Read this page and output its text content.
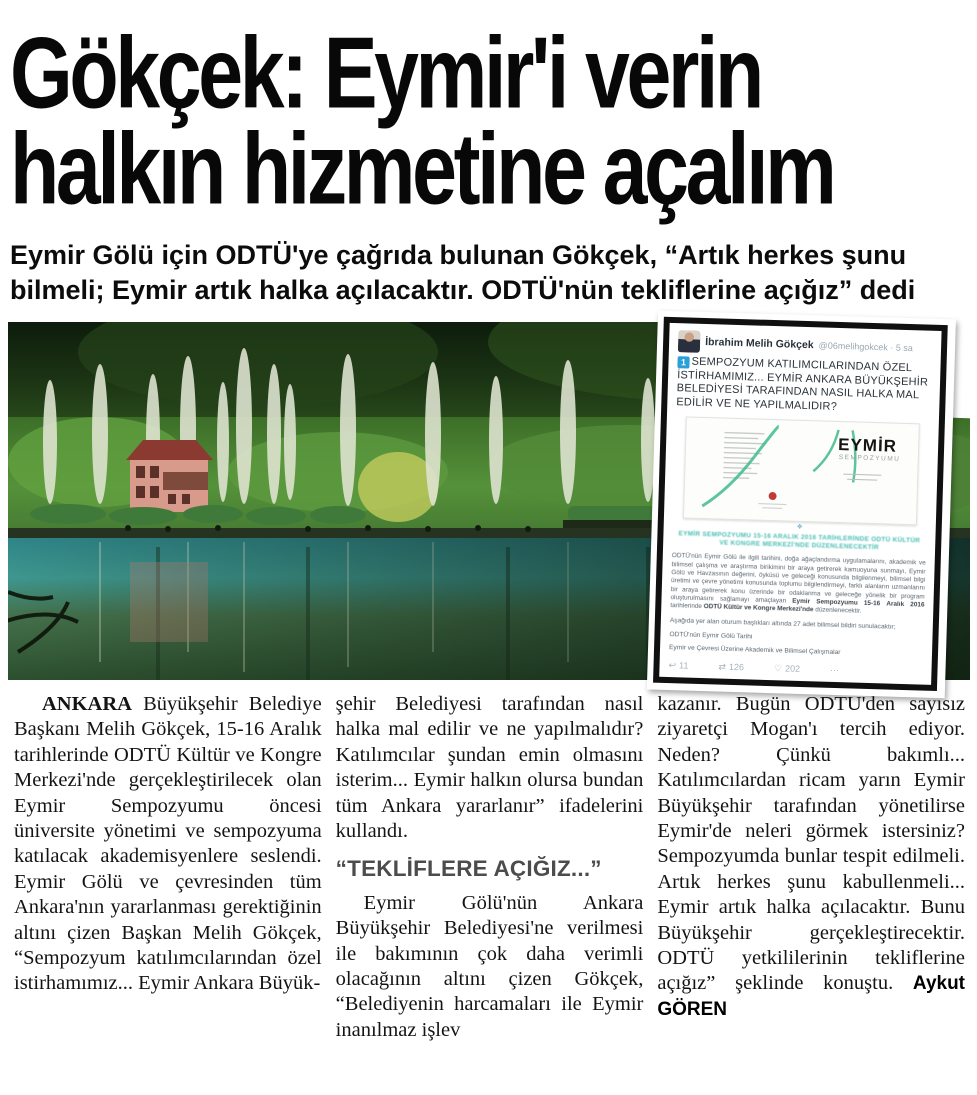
Gökçek: Eymir'i verin
halkın hizmetine açalım
Eymir Gölü için ODTÜ'ye çağrıda bulunan Gökçek, “Artık herkes şunu
bilmeli; Eymir artık halka açılacaktır. ODTÜ'nün tekliflerine açığız” dedi
İbrahim Melih Gökçek @06melihgokcek · 5 sa
1 SEMPOZYUM KATILIMCILARINDAN ÖZEL İSTİRHAMIMIZ... EYMİR ANKARA BÜYÜKŞEHİR BELEDİYESİ TARAFINDAN NASIL HALKA MAL EDİLİR VE NE YAPILMALIDIR?
EYMİR
SEMPOZYUMU
❖
EYMİR SEMPOZYUMU 15-16 ARALIK 2016 TARİHLERİNDE ODTÜ KÜLTÜR VE KONGRE MERKEZİ'NDE DÜZENLENECEKTİR
ODTÜ'nün Eymir Gölü ile ilgili tarihini, doğa ağaçlandırma uygulamalarını, akademik ve bilimsel çalışma ve araştırma birikimini bir araya getirerek kamuoyuna sunmayı, Eymir Gölü ve Havzasının değerini, öyküsü ve geleceği konusunda bilgilenmeyi, bilimsel bilgi üretimi ve çevre yönetimi konusunda toplumu bilgilendirmeyi, farklı alanların uzmanlarını bir araya getirerek konu üzerinde bir odaklanma ve geleceğe yönelik bir program oluşturulmasını sağlamayı amaçlayan Eymir Sempozyumu 15-16 Aralık 2016 tarihlerinde ODTÜ Kültür ve Kongre Merkezi'nde düzenlenecektir.
Aşağıda yer alan oturum başlıkları altında 27 adet bilimsel bildiri sunulacaktır;
ODTÜ'nün Eymir Gölü Tarihi
Eymir ve Çevresi Üzerine Akademik ve Bilimsel Çalışmalar
↩ 11	⇄ 126	♡ 202	···

ANKARA Büyükşehir Belediye Başkanı Melih Gökçek, 15-16 Aralık tarihlerinde ODTÜ Kültür ve Kongre Merkezi'nde gerçekleştirilecek olan Eymir Sempozyumu öncesi üniversite yönetimi ve sempozyuma katılacak akademisyenlere seslendi. Eymir Gölü ve çevresinden tüm Ankara'nın yararlanması gerektiğinin altını çizen Başkan Melih Gökçek, “Sempozyum katılımcılarından özel istirhamımız... Eymir Ankara Büyük-

şehir Belediyesi tarafından nasıl halka mal edilir ve ne yapılmalıdır? Katılımcılar şundan emin olmasını isterim... Eymir halkın olursa bundan tüm Ankara yararlanır” ifadelerini kullandı.

“TEKLİFLERE AÇIĞIZ...”

Eymir Gölü'nün Ankara Büyükşehir Belediyesi'ne verilmesi ile bakımının çok daha verimli olacağının altını çizen Gökçek, “Belediyenin harcamaları ile Eymir inanılmaz işlev

kazanır. Bugün ODTÜ'den sayısız ziyaretçi Mogan'ı tercih ediyor. Neden? Çünkü bakımlı... Katılımcılardan ricam yarın Eymir Büyükşehir tarafından yönetilirse Eymir'de neleri görmek istersiniz? Sempozyumda bunlar tespit edilmeli. Artık herkes şunu kabullenmeli... Eymir artık halka açılacaktır. Bunu Büyükşehir gerçekleştirecektir. ODTÜ yetkililerinin tekliflerine açığız” şeklinde konuştu. Aykut GÖREN
